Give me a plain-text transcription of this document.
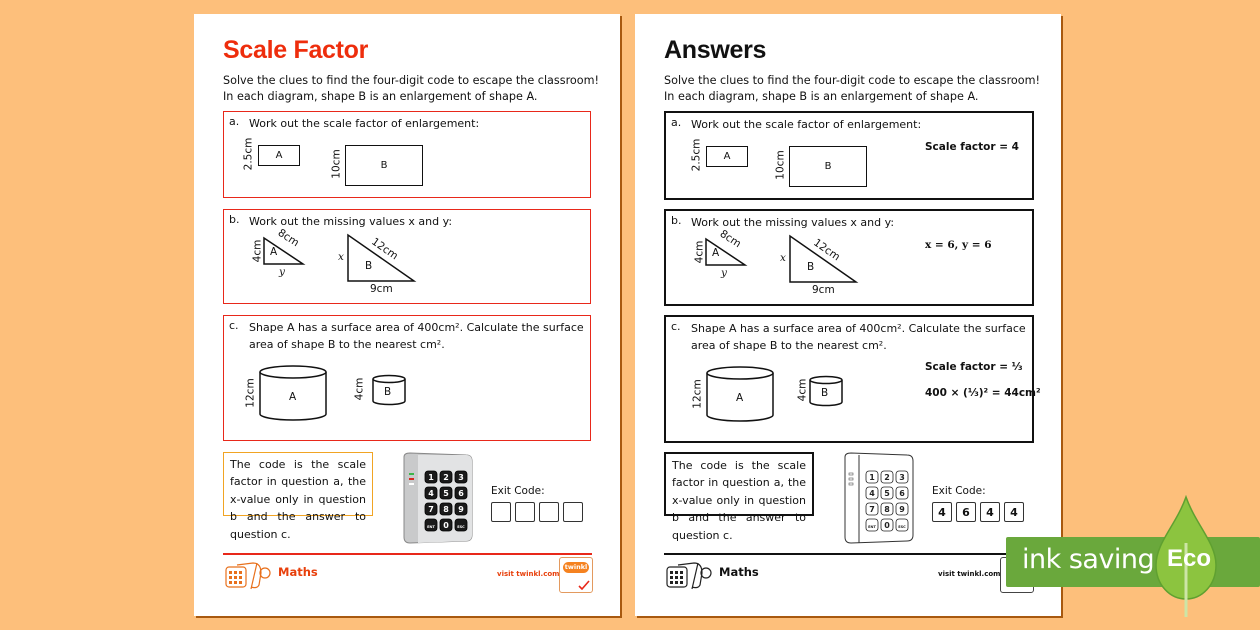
Scale Factor
Solve the clues to find the four-digit code to escape the classroom!
In each diagram, shape B is an enlargement of shape A.
a. Work out the scale factor of enlargement:
A
2.5cm	B
10cm
b. Work out the missing values x and y:
A
4cm
8cm
y	B
x 12cm
9cm
c. Shape A has a surface area of 400cm². Calculate the surface area of shape B to the nearest cm².
A
12cm	B
4cm
The code is the scale factor in question a, the x-value only in question b and the answer to question c.
1 2 3
4 5 6
7 8 9
ENT 0 ESC
Exit Code:
Maths	visit twinkl.com
twinkl
Answers
Solve the clues to find the four-digit code to escape the classroom!
In each diagram, shape B is an enlargement of shape A.
a. Work out the scale factor of enlargement:
A
2.5cm	B
10cm
Scale factor = 4
b. Work out the missing values x and y:
A
4cm
8cm
y	B
x 12cm
9cm
x = 6, y = 6
c. Shape A has a surface area of 400cm². Calculate the surface area of shape B to the nearest cm².
A
12cm	B
4cm
Scale factor = ⅓
400 × (⅓)² = 44cm²
The code is the scale factor in question a, the x-value only in question b and the answer to question c.
1 2 3
4 5 6
7 8 9
ENT 0 ESC
Exit Code:
4	6	4	4
Maths	visit twinkl.com ink saving Eco
